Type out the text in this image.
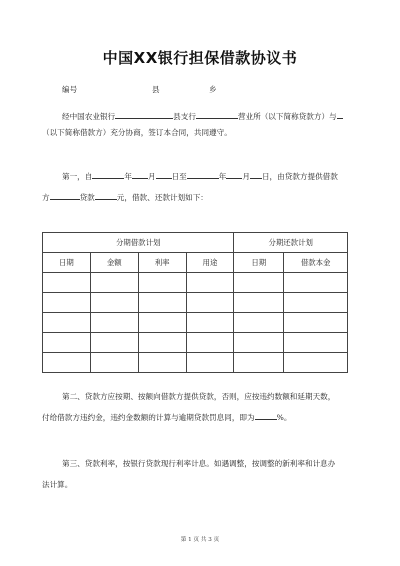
中国XX银行担保借款协议书
编号	县	乡
经中国农业银行	县支行	营业所（以下简称贷款方）与
（以下简称借款方）充分协商，签订本合同，共同遵守。
第一，自	年 月 日至	年 月 日，由贷款方提供借款
方	贷款	元，借款、还款计划如下：
分期借款计划				分期还款计划	
日期	金额	利率	用途	日期	借款本金

第二、贷款方应按期、按额向借款方提供贷款，否则，应按违约数额和延期天数，
付给借款方违约金，违约金数额的计算与逾期贷款罚息同，即为	%。
第三、贷款利率，按银行贷款现行利率计息。如遇调整，按调整的新利率和计息办
法计算。
第 1 页 共 3 页
